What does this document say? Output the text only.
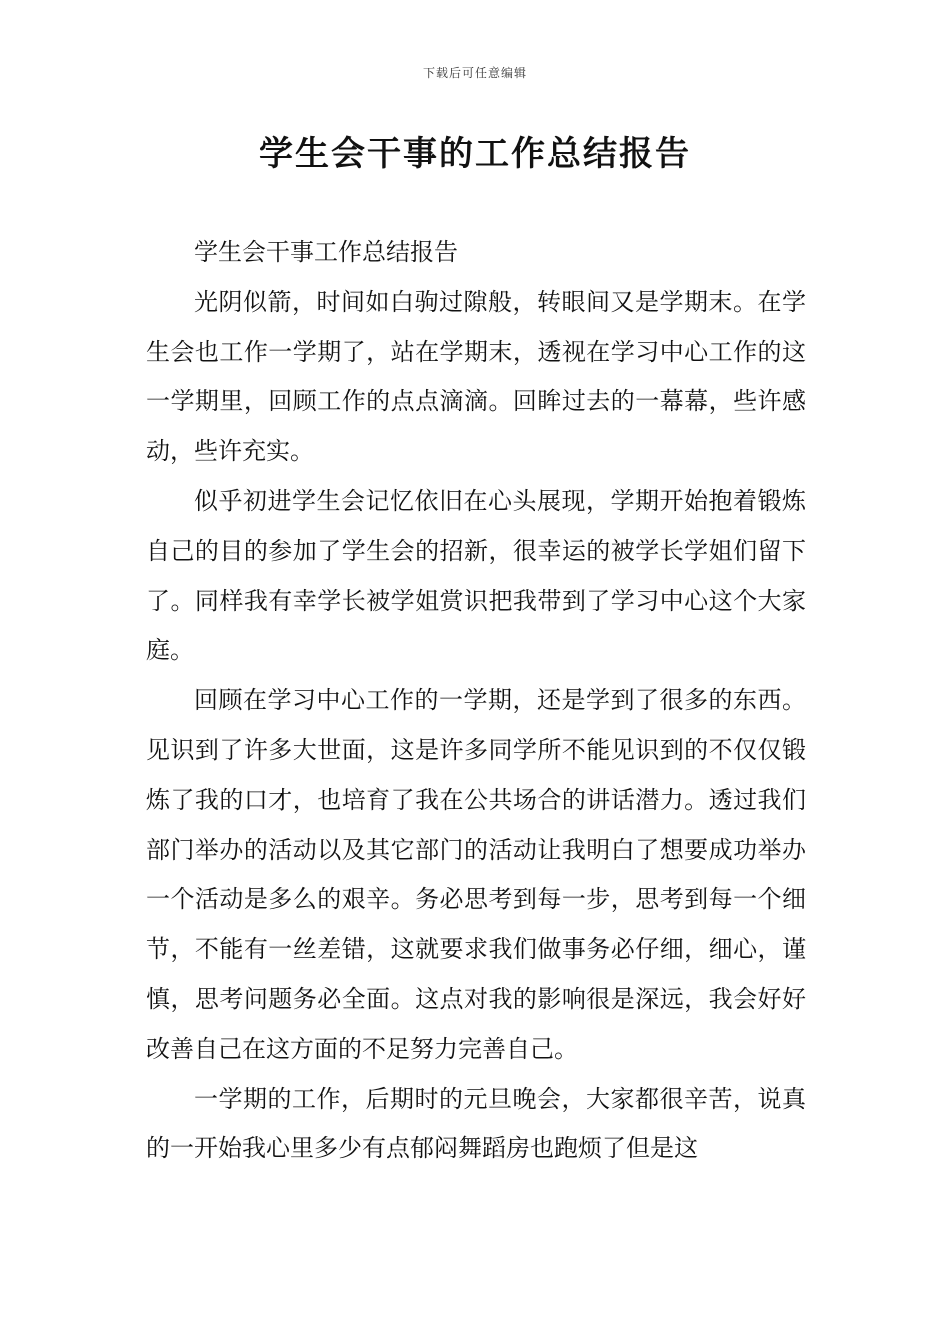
下载后可任意编辑
学生会干事的工作总结报告

学生会干事工作总结报告

光阴似箭，时间如白驹过隙般，转眼间又是学期末。在学生会也工作一学期了，站在学期末，透视在学习中心工作的这一学期里，回顾工作的点点滴滴。回眸过去的一幕幕，些许感动，些许充实。

似乎初进学生会记忆依旧在心头展现，学期开始抱着锻炼自己的目的参加了学生会的招新，很幸运的被学长学姐们留下了。同样我有幸学长被学姐赏识把我带到了学习中心这个大家庭。

回顾在学习中心工作的一学期，还是学到了很多的东西。见识到了许多大世面，这是许多同学所不能见识到的不仅仅锻炼了我的口才，也培育了我在公共场合的讲话潜力。透过我们部门举办的活动以及其它部门的活动让我明白了想要成功举办一个活动是多么的艰辛。务必思考到每一步，思考到每一个细节，不能有一丝差错，这就要求我们做事务必仔细，细心，谨慎，思考问题务必全面。这点对我的影响很是深远，我会好好改善自己在这方面的不足努力完善自己。

一学期的工作，后期时的元旦晚会，大家都很辛苦，说真的一开始我心里多少有点郁闷舞蹈房也跑烦了但是这
